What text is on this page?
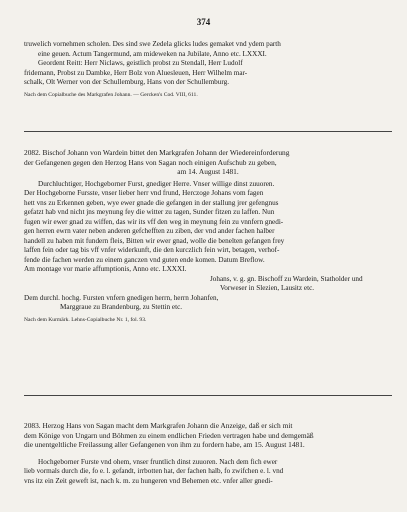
374
truwelich vornehmen scholen. Des sind swe Zedela glicks ludes gemaket vnd ydem parth
eine geuen. Actum Tangermund, am mideweken na Jubilate, Anno etc. LXXXI.
Geordent Reitt: Herr Niclaws, geistlich probst zu Stendall, Herr Ludolf
fridemann, Probst zu Dambke, Herr Bolz von Aluesleuen, Herr Wilhelm mar-
schalk, Olt Werner von der Schullemburg, Hans von der Schullemburg.
Nach dem Copialbuche des Markgrafen Johann. — Gercken's Cod. VIII, 611.
2082. Bischof Johann von Wardein bittet den Markgrafen Johann der Wiedereinforderung
der Gefangenen gegen den Herzog Hans von Sagan noch einigen Aufschub zu geben,
am 14. August 1481.
Durchluchtiger, Hochgeborner Furst, gnediger Herre. Vnser willige dinst zuuoren.
Der Hochgeborne Fursste, vnser lieber herr vnd frund, Herczoge Johans vom fagen
hett vns zu Erkennen geben, wye ewer gnade die gefangen in der stallung jrer gefengnus
gefatzt hab vnd nicht jns meynung fey die witter zu tagen, Sunder fitzen zu laffen. Nun
fugen wir ewer gnad zu wiffen, das wir its vff den weg in meynung fein zu vnnfern gnedi-
gen herren ewrn vater neben anderen gefchefften zu ziben, der vnd ander fachen halber
handell zu haben mit fundern fleis, Bitten wir ewer gnad, wolle die benelten gefangen frey
laffen fein oder tag bis vff vnfer widerkunft, die den kurczlich fein wirt, betagen, verhof-
fende die fachen werden zu einem ganczen vnd guten ende komen. Datum Breflow.
Am montage vor marie affumptionis, Anno etc. LXXXI.
Johans, v. g. gn. Bischoff zu Wardein, Statholder und
Vorweser in Slezien, Lausitz etc.
Dem durchl. hochg. Fursten vnfern gnedigen herrn, herrn Johanfen,
Marggraue zu Brandenburg, zu Stettin etc.
Nach dem Kurmärk. Lehns-Copialbuche Nr. 1, fol. 93.
2083. Herzog Hans von Sagan macht dem Markgrafen Johann die Anzeige, daß er sich mit
dem Könige von Ungarn und Böhmen zu einem endlichen Frieden vertragen habe und demgemäß
die unentgeltliche Freilassung aller Gefangenen von ihm zu fordern habe, am 15. August 1481.
Hochgeborner Furste vnd ohem, vnser fruntlich dinst zuuoren. Nach dem fich ewer
lieb vormals durch die, fo e. l. gefandt, irrbotten hat, der fachen halb, fo zwifchen e. l. vnd
vns itz ein Zeit geweft ist, nach k. m. zu hungeren vnd Behemen etc. vnfer aller gnedi-
